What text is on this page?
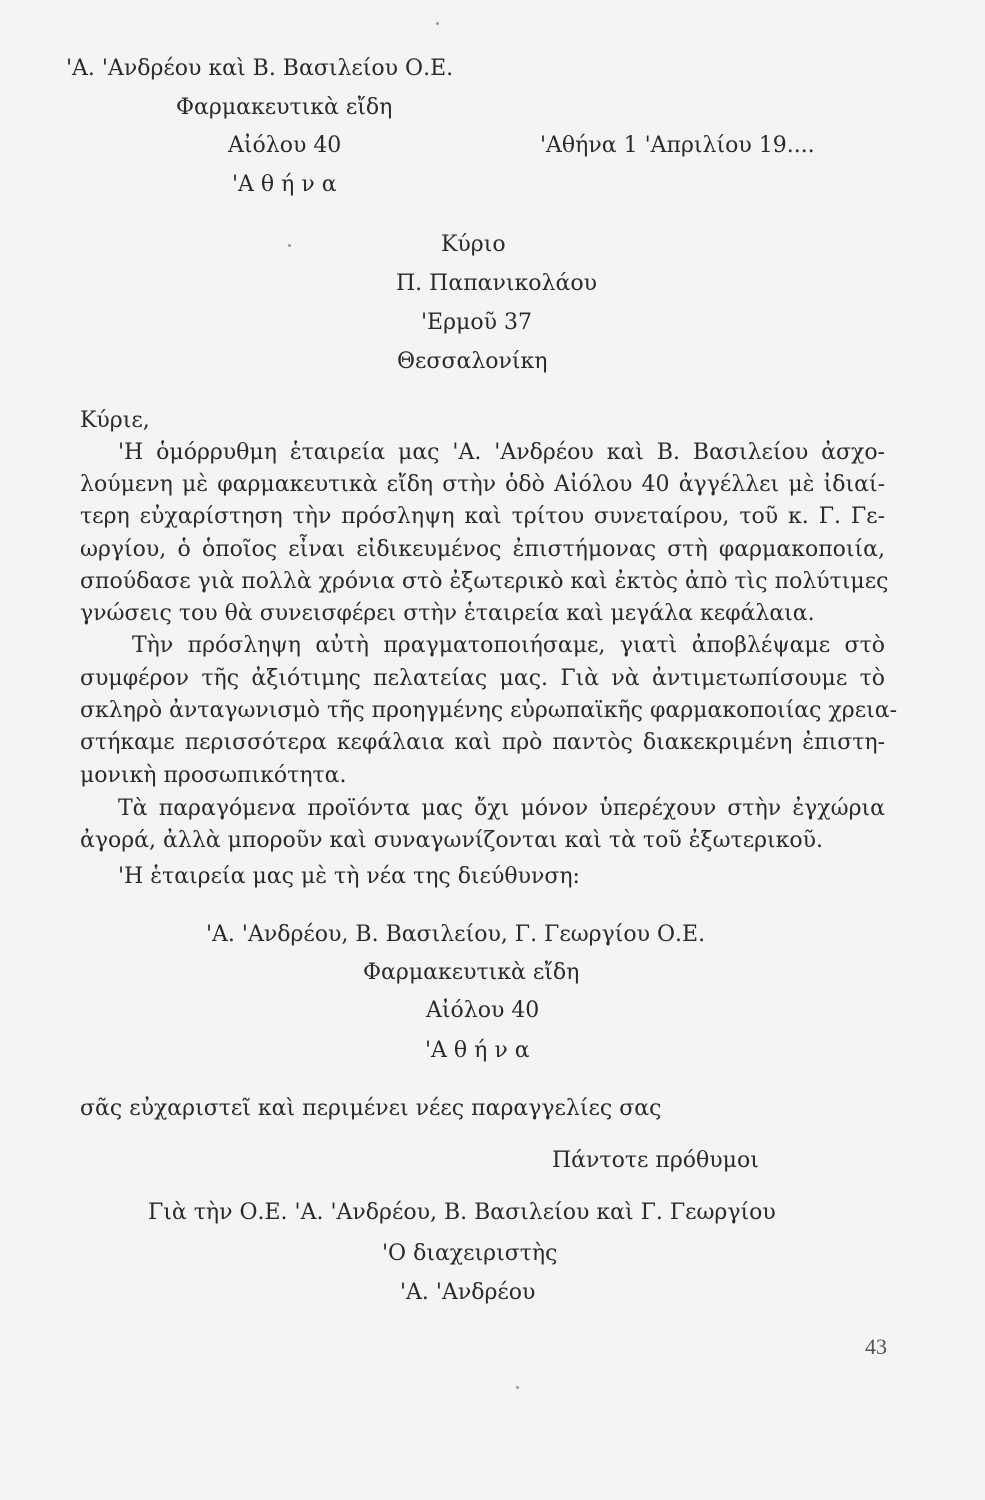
'Α. 'Ανδρέου καὶ Β. Βασιλείου Ο.Ε.
Φαρμακευτικὰ εἴδη
Αἰόλου 40
'Α θ ή ν α
'Αθήνα 1 'Απριλίου 19....
Κύριο
Π. Παπανικολάου
'Ερμοῦ 37
Θεσσαλονίκη
Κύριε,
'Η ὁμόρρυθμη ἑταιρεία μας 'Α. 'Ανδρέου καὶ Β. Βασιλείου ἀσχο-
λούμενη μὲ φαρμακευτικὰ εἴδη στὴν ὁδὸ Αἰόλου 40 ἀγγέλλει μὲ ἰδιαί-
τερη εὐχαρίστηση τὴν πρόσληψη καὶ τρίτου συνεταίρου, τοῦ κ. Γ. Γε-
ωργίου, ὁ ὁποῖος εἶναι εἰδικευμένος ἐπιστήμονας στὴ φαρμακοποιία,
σπούδασε γιὰ πολλὰ χρόνια στὸ ἐξωτερικὸ καὶ ἐκτὸς ἀπὸ τὶς πολύτιμες
γνώσεις του θὰ συνεισφέρει στὴν ἑταιρεία καὶ μεγάλα κεφάλαια.
Τὴν πρόσληψη αὐτὴ πραγματοποιήσαμε, γιατὶ ἀποβλέψαμε στὸ
συμφέρον τῆς ἀξιότιμης πελατείας μας. Γιὰ νὰ ἀντιμετωπίσουμε τὸ
σκληρὸ ἀνταγωνισμὸ τῆς προηγμένης εὐρωπαϊκῆς φαρμακοποιίας χρεια-
στήκαμε περισσότερα κεφάλαια καὶ πρὸ παντὸς διακεκριμένη ἐπιστη-
μονικὴ προσωπικότητα.
Τὰ παραγόμενα προϊόντα μας ὄχι μόνον ὑπερέχουν στὴν ἐγχώρια
ἀγορά, ἀλλὰ μποροῦν καὶ συναγωνίζονται καὶ τὰ τοῦ ἐξωτερικοῦ.
'Η ἑταιρεία μας μὲ τὴ νέα της διεύθυνση:
'Α. 'Ανδρέου, Β. Βασιλείου, Γ. Γεωργίου Ο.Ε.
Φαρμακευτικὰ εἴδη
Αἰόλου 40
'Α θ ή ν α
σᾶς εὐχαριστεῖ καὶ περιμένει νέες παραγγελίες σας
Πάντοτε πρόθυμοι
Γιὰ τὴν Ο.Ε. 'Α. 'Ανδρέου, Β. Βασιλείου καὶ Γ. Γεωργίου
'Ο διαχειριστὴς
'Α. 'Ανδρέου
43
